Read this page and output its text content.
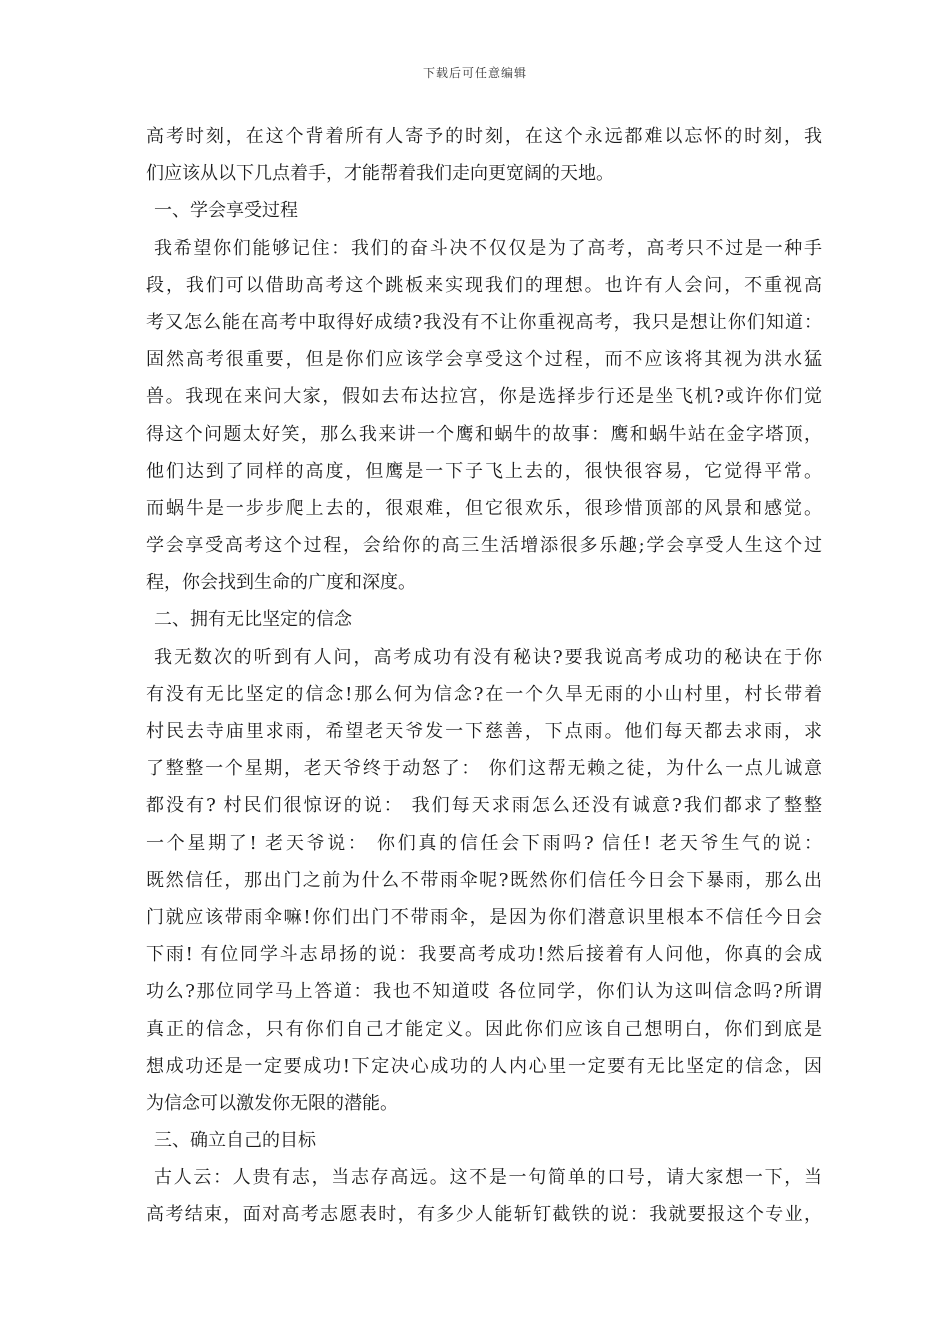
下载后可任意编辑
高考时刻，在这个背着所有人寄予的时刻，在这个永远都难以忘怀的时刻，我
们应该从以下几点着手，才能帮着我们走向更宽阔的天地。
一、学会享受过程
我希望你们能够记住：我们的奋斗决不仅仅是为了高考，高考只不过是一种手
段，我们可以借助高考这个跳板来实现我们的理想。也许有人会问，不重视高
考又怎么能在高考中取得好成绩?我没有不让你重视高考，我只是想让你们知道：
固然高考很重要，但是你们应该学会享受这个过程，而不应该将其视为洪水猛
兽。我现在来问大家，假如去布达拉宫，你是选择步行还是坐飞机?或许你们觉
得这个问题太好笑，那么我来讲一个鹰和蜗牛的故事：鹰和蜗牛站在金字塔顶，
他们达到了同样的高度，但鹰是一下子飞上去的，很快很容易，它觉得平常。
而蜗牛是一步步爬上去的，很艰难，但它很欢乐，很珍惜顶部的风景和感觉。
学会享受高考这个过程，会给你的高三生活增添很多乐趣;学会享受人生这个过
程，你会找到生命的广度和深度。
二、拥有无比坚定的信念
我无数次的听到有人问，高考成功有没有秘诀?要我说高考成功的秘诀在于你
有没有无比坚定的信念!那么何为信念?在一个久旱无雨的小山村里，村长带着
村民去寺庙里求雨，希望老天爷发一下慈善，下点雨。他们每天都去求雨，求
了整整一个星期，老天爷终于动怒了： 你们这帮无赖之徒，为什么一点儿诚意
都没有? 村民们很惊讶的说： 我们每天求雨怎么还没有诚意?我们都求了整整
一个星期了! 老天爷说： 你们真的信任会下雨吗? 信任! 老天爷生气的说：
既然信任，那出门之前为什么不带雨伞呢?既然你们信任今日会下暴雨，那么出
门就应该带雨伞嘛!你们出门不带雨伞，是因为你们潜意识里根本不信任今日会
下雨! 有位同学斗志昂扬的说：我要高考成功!然后接着有人问他，你真的会成
功么?那位同学马上答道：我也不知道哎 各位同学，你们认为这叫信念吗?所谓
真正的信念，只有你们自己才能定义。因此你们应该自己想明白，你们到底是
想成功还是一定要成功!下定决心成功的人内心里一定要有无比坚定的信念，因
为信念可以激发你无限的潜能。
三、确立自己的目标
古人云：人贵有志，当志存高远。这不是一句简单的口号，请大家想一下，当
高考结束，面对高考志愿表时，有多少人能斩钉截铁的说：我就要报这个专业，
